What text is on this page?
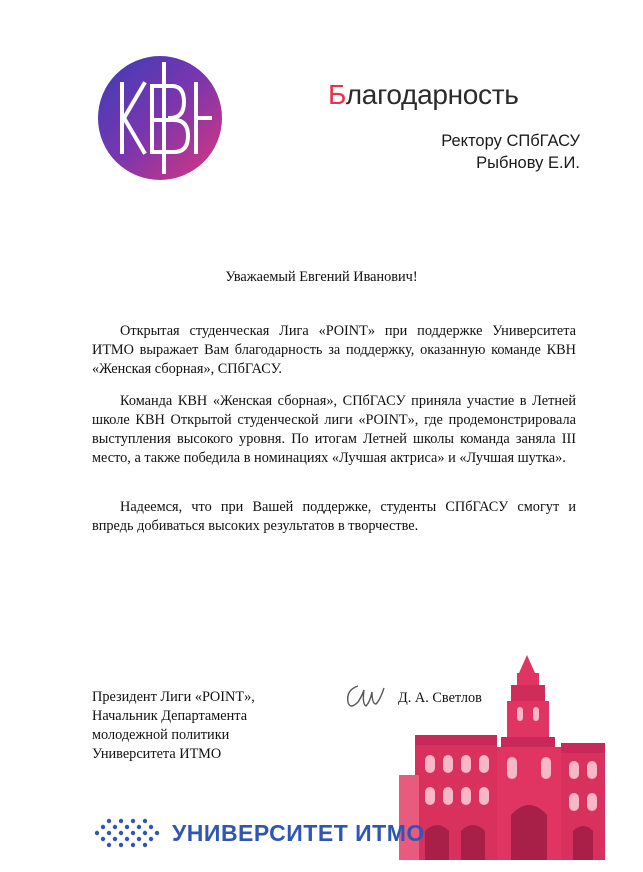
Благодарность
Ректору СПбГАСУ
Рыбнову Е.И.
Уважаемый Евгений Иванович!

Открытая студенческая Лига «POINT» при поддержке Университета ИТМО выражает Вам благодарность за поддержку, оказанную команде КВН «Женская сборная», СПбГАСУ.

Команда КВН «Женская сборная», СПбГАСУ приняла участие в Летней школе КВН Открытой студенческой лиги «POINT», где продемонстрировала выступления высокого уровня. По итогам Летней школы команда заняла III место, а также победила в номинациях «Лучшая актриса» и «Лучшая шутка».

Надеемся, что при Вашей поддержке, студенты СПбГАСУ смогут и впредь добиваться высоких результатов в творчестве.

Президент Лиги «POINT»,
Начальник Департамента
молодежной политики
Университета ИТМО
Д. А. Светлов
УНИВЕРСИТЕТ ИТМО
